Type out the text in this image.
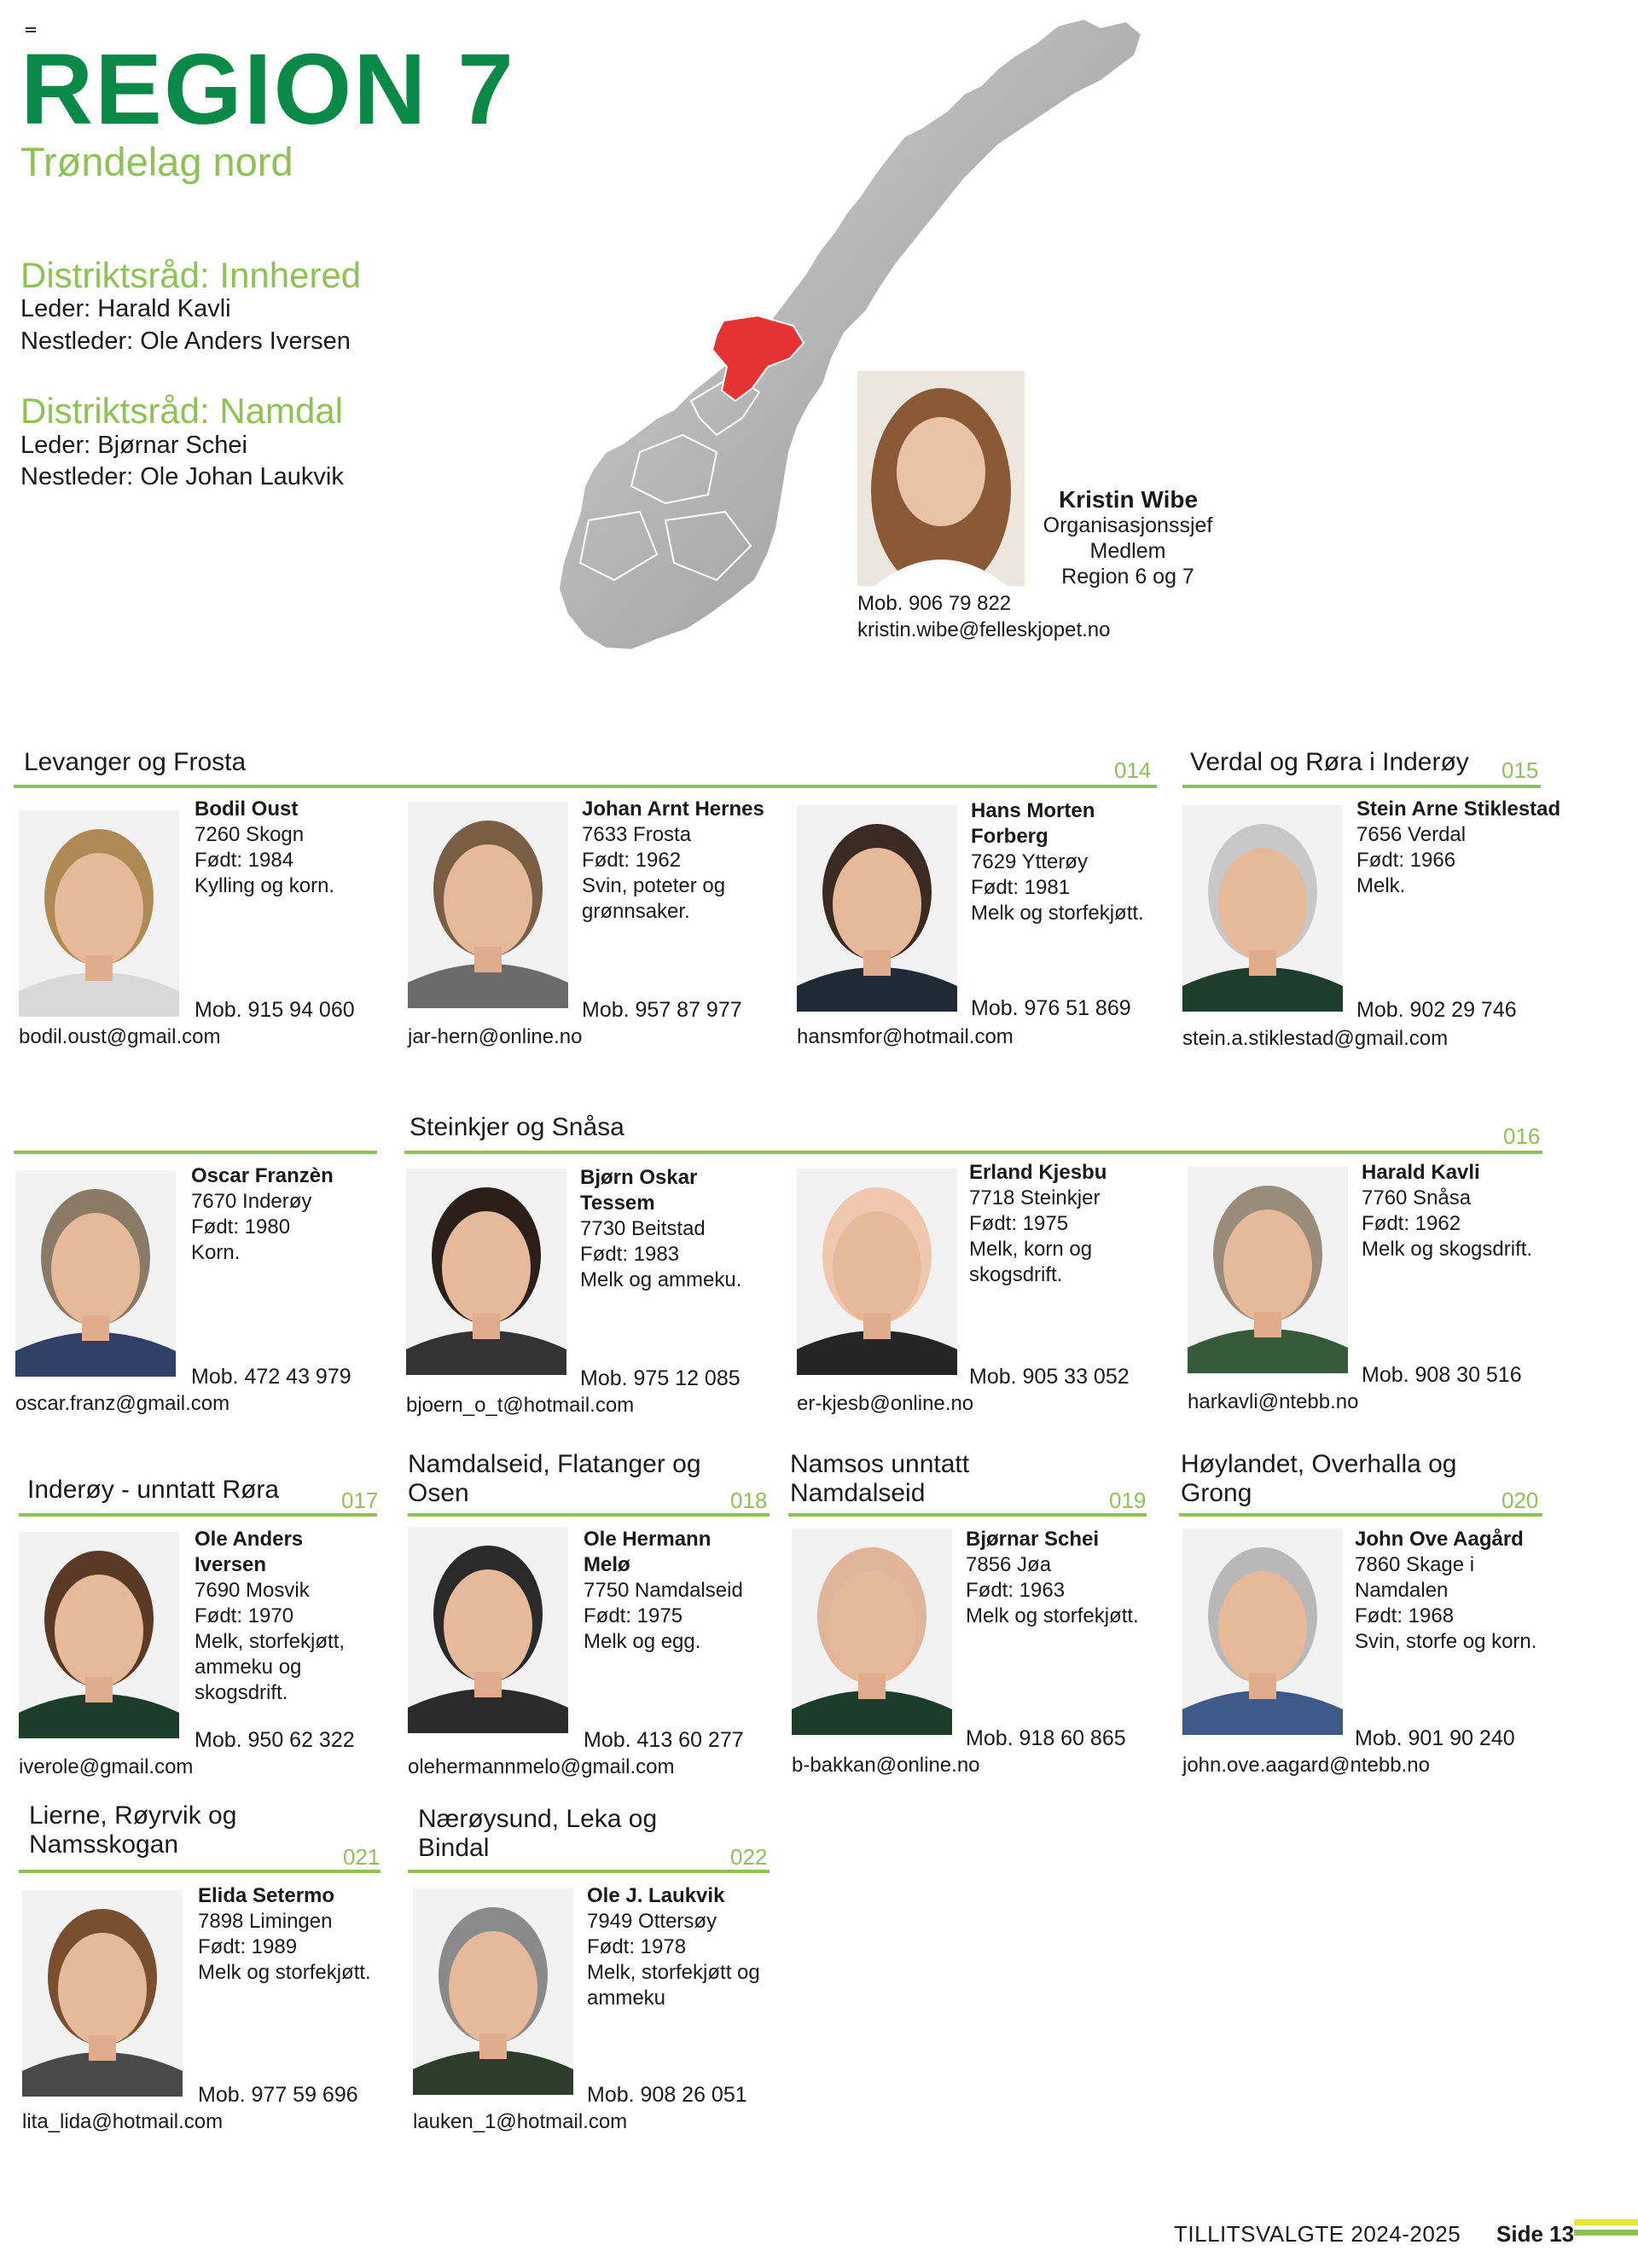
REGION 7
Trøndelag nord
Distriktsråd: Innhered
Leder: Harald Kavli
Nestleder: Ole Anders Iversen
Distriktsråd: Namdal
Leder: Bjørnar Schei
Nestleder: Ole Johan Laukvik
Kristin Wibe
Organisasjonssjef
Medlem
Region 6 og 7
Mob. 906 79 822
kristin.wibe@felleskjopet.no
Levanger og Frosta	014 Verdal og Røra i Inderøy 015
Steinkjer og Snåsa	016
Inderøy - unntatt Røra	017
Namdalseid, Flatanger og
Osen	018
Namsos unntatt
Namdalseid	019
Høylandet, Overhalla og
Grong	020
Lierne, Røyrvik og
Namsskogan	021
Nærøysund, Leka og
Bindal	022
Bodil Oust
7260 Skogn
Født: 1984
Kylling og korn.
Mob. 915 94 060
bodil.oust@gmail.com
Johan Arnt Hernes
7633 Frosta
Født: 1962
Svin, poteter og
grønnsaker.
Mob. 957 87 977
jar-hern@online.no
Hans Morten
Forberg
7629 Ytterøy
Født: 1981
Melk og storfekjøtt.
Mob. 976 51 869
hansmfor@hotmail.com
Stein Arne Stiklestad
7656 Verdal
Født: 1966
Melk.
Mob. 902 29 746
stein.a.stiklestad@gmail.com
Oscar Franzèn
7670 Inderøy
Født: 1980
Korn.
Mob. 472 43 979
oscar.franz@gmail.com
Bjørn Oskar
Tessem
7730 Beitstad
Født: 1983
Melk og ammeku.
Mob. 975 12 085
bjoern_o_t@hotmail.com
Erland Kjesbu
7718 Steinkjer
Født: 1975
Melk, korn og
skogsdrift.
Mob. 905 33 052
er-kjesb@online.no
Harald Kavli
7760 Snåsa
Født: 1962
Melk og skogsdrift.
Mob. 908 30 516
harkavli@ntebb.no
Ole Anders
Iversen
7690 Mosvik
Født: 1970
Melk, storfekjøtt,
ammeku og
skogsdrift.
Mob. 950 62 322
iverole@gmail.com
Ole Hermann
Melø
7750 Namdalseid
Født: 1975
Melk og egg.
Mob. 413 60 277
olehermannmelo@gmail.com
Bjørnar Schei
7856 Jøa
Født: 1963
Melk og storfekjøtt.
Mob. 918 60 865
b-bakkan@online.no
John Ove Aagård
7860 Skage i
Namdalen
Født: 1968
Svin, storfe og korn.
Mob. 901 90 240
john.ove.aagard@ntebb.no
Elida Setermo
7898 Limingen
Født: 1989
Melk og storfekjøtt.
Mob. 977 59 696
lita_lida@hotmail.com
Ole J. Laukvik
7949 Ottersøy
Født: 1978
Melk, storfekjøtt og
ammeku
Mob. 908 26 051
lauken_1@hotmail.com
TILLITSVALGTE 2024-2025 Side 13
